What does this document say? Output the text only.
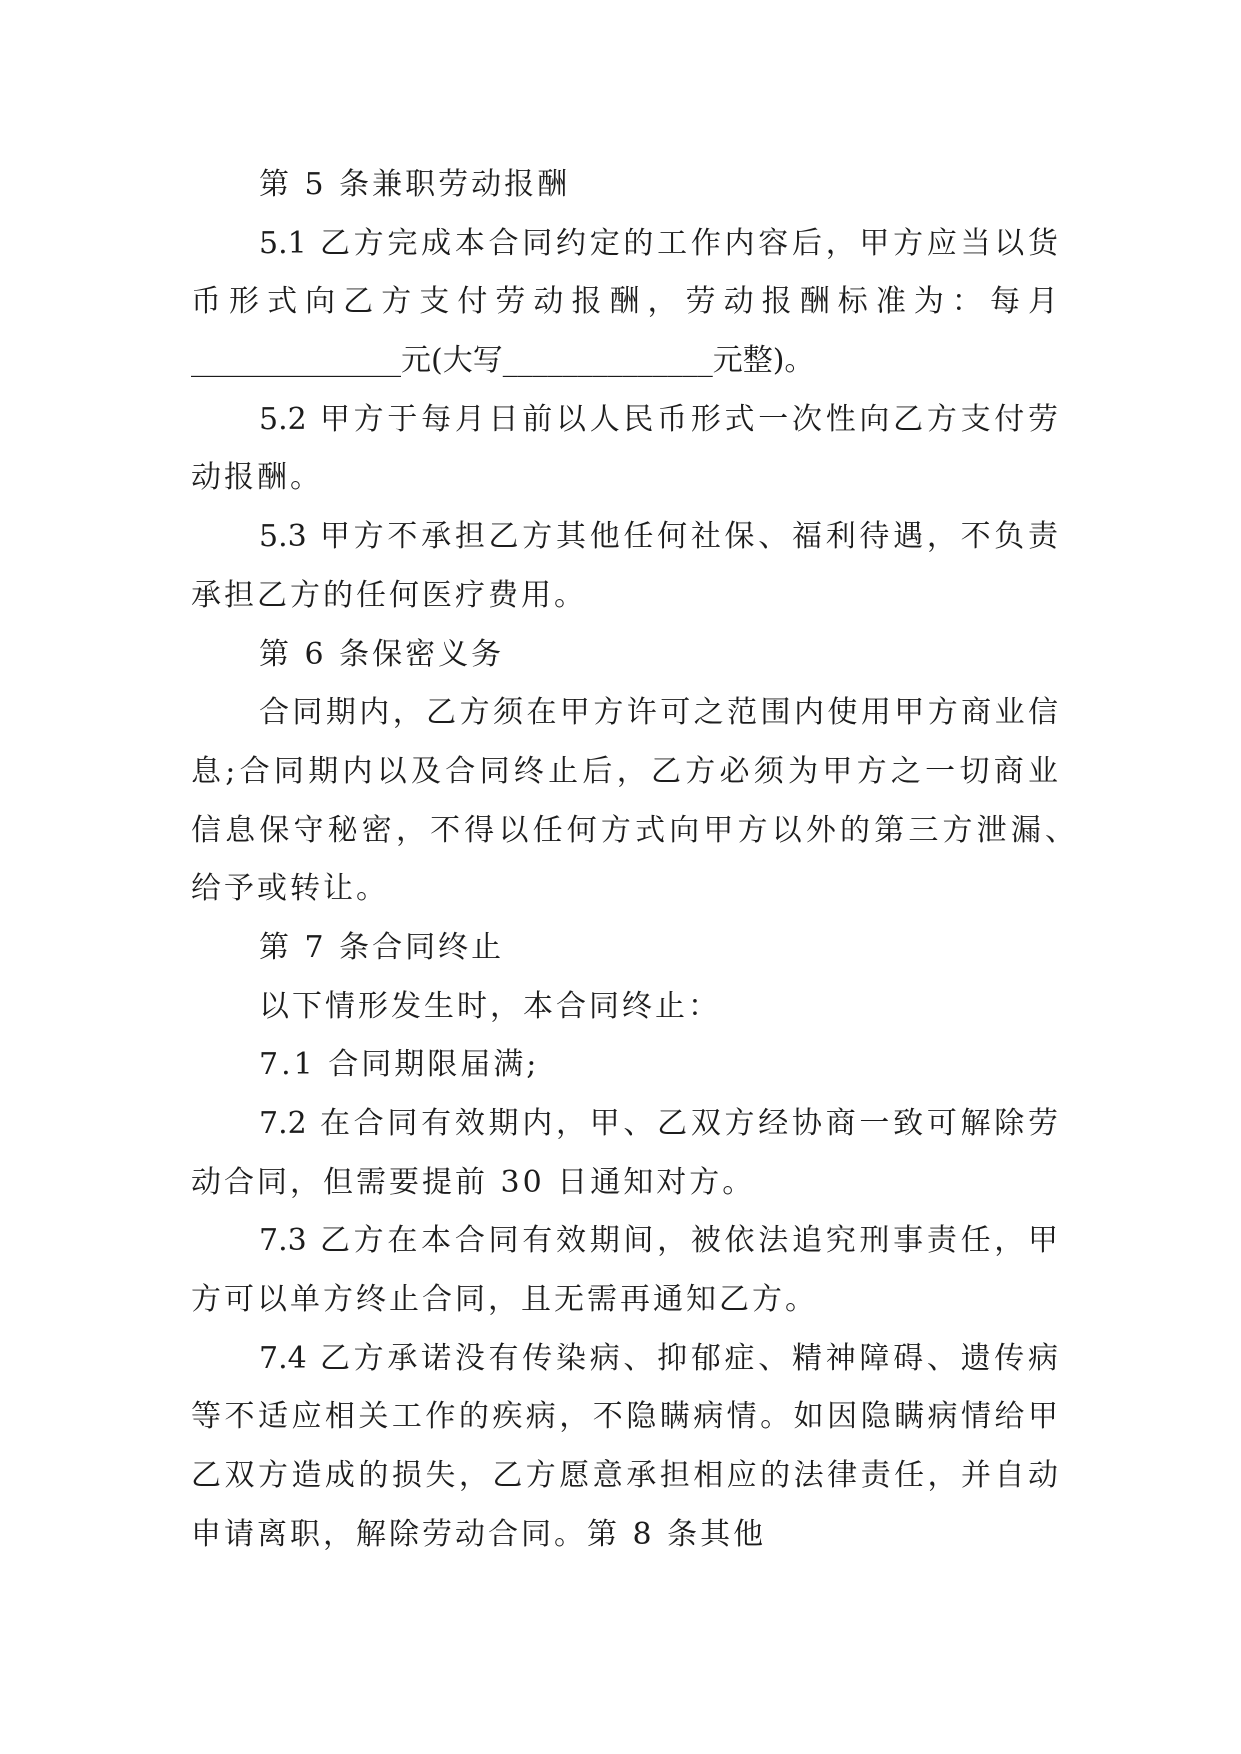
第 5 条兼职劳动报酬
5.1 乙方完成本合同约定的工作内容后，甲方应当以货
币形式向乙方支付劳动报酬，劳动报酬标准为：每月
______________元(大写______________元整)。
5.2 甲方于每月日前以人民币形式一次性向乙方支付劳
动报酬。
5.3 甲方不承担乙方其他任何社保、福利待遇，不负责
承担乙方的任何医疗费用。
第 6 条保密义务
合同期内，乙方须在甲方许可之范围内使用甲方商业信
息;合同期内以及合同终止后，乙方必须为甲方之一切商业
信息保守秘密，不得以任何方式向甲方以外的第三方泄漏、
给予或转让。
第 7 条合同终止
以下情形发生时，本合同终止：
7.1 合同期限届满;
7.2 在合同有效期内，甲、乙双方经协商一致可解除劳
动合同，但需要提前 30 日通知对方。
7.3 乙方在本合同有效期间，被依法追究刑事责任，甲
方可以单方终止合同，且无需再通知乙方。
7.4 乙方承诺没有传染病、抑郁症、精神障碍、遗传病
等不适应相关工作的疾病，不隐瞒病情。如因隐瞒病情给甲
乙双方造成的损失，乙方愿意承担相应的法律责任，并自动
申请离职，解除劳动合同。第 8 条其他
